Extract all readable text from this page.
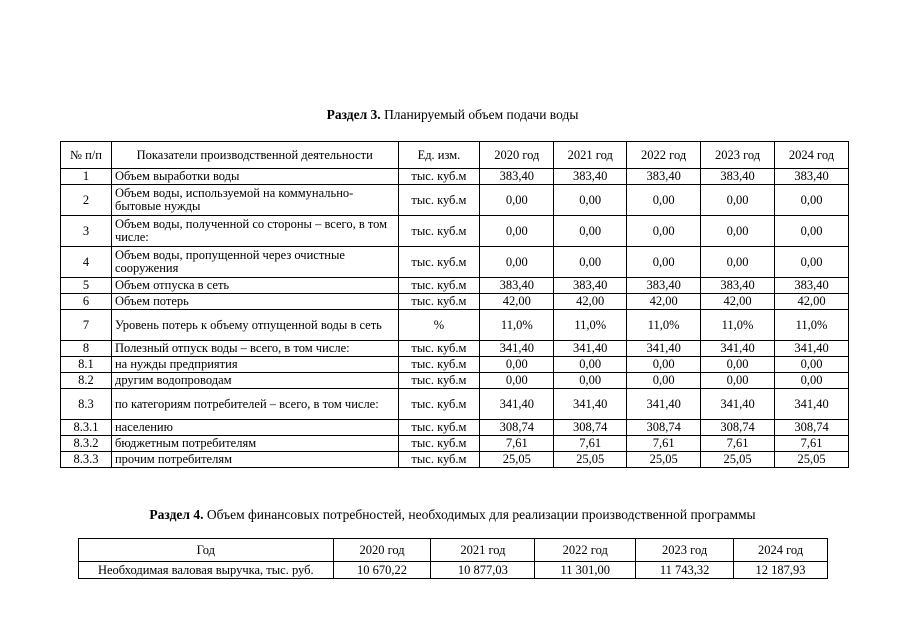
Раздел 3. Планируемый объем подачи воды
№ п/п	Показатели производственной деятельности	Ед. изм.	2020 год	2021 год	2022 год	2023 год	2024 год
1	Объем выработки воды	тыс. куб.м	383,40	383,40	383,40	383,40	383,40
2	Объем воды, используемой на коммунально-бытовые нужды	тыс. куб.м	0,00	0,00	0,00	0,00	0,00
3	Объем воды, полученной со стороны – всего, в том числе:	тыс. куб.м	0,00	0,00	0,00	0,00	0,00
4	Объем воды, пропущенной через очистные сооружения	тыс. куб.м	0,00	0,00	0,00	0,00	0,00
5	Объем отпуска в сеть	тыс. куб.м	383,40	383,40	383,40	383,40	383,40
6	Объем потерь	тыс. куб.м	42,00	42,00	42,00	42,00	42,00
7	Уровень потерь к объему отпущенной воды в сеть	%	11,0%	11,0%	11,0%	11,0%	11,0%
8	Полезный отпуск воды – всего, в том числе:	тыс. куб.м	341,40	341,40	341,40	341,40	341,40
8.1	на нужды предприятия	тыс. куб.м	0,00	0,00	0,00	0,00	0,00
8.2	другим водопроводам	тыс. куб.м	0,00	0,00	0,00	0,00	0,00
8.3	по категориям потребителей – всего, в том числе:	тыс. куб.м	341,40	341,40	341,40	341,40	341,40
8.3.1	населению	тыс. куб.м	308,74	308,74	308,74	308,74	308,74
8.3.2	бюджетным потребителям	тыс. куб.м	7,61	7,61	7,61	7,61	7,61
8.3.3	прочим потребителям	тыс. куб.м	25,05	25,05	25,05	25,05	25,05
Раздел 4. Объем финансовых потребностей, необходимых для реализации производственной программы
Год	2020 год	2021 год	2022 год	2023 год	2024 год
Необходимая валовая выручка, тыс. руб.	10 670,22	10 877,03	11 301,00	11 743,32	12 187,93
